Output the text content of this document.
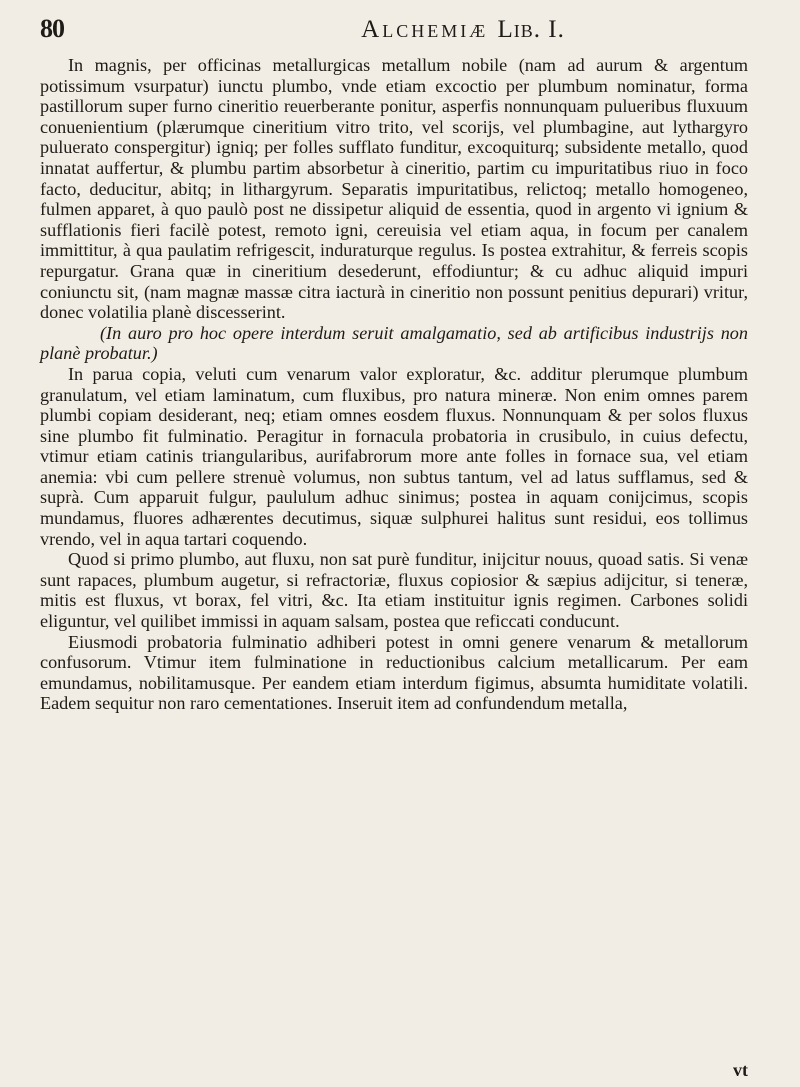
80	Alchemiæ Lib. I.

In magnis, per officinas metallurgicas metallum nobile (nam ad aurum & argentum potissimum vsurpatur) iunctu plumbo, vnde etiam excoctio per plumbum nominatur, forma pastillorum super furno cineritio reuerberante ponitur, asperfis nonnunquam pulueribus fluxuum conuenientium (plærumque cineritium vitro trito, vel scorijs, vel plumbagine, aut lythargyro puluerato conspergitur) igniq; per folles sufflato funditur, excoquiturq; subsidente metallo, quod innatat auffertur, & plumbu partim absorbetur à cineritio, partim cu impuritatibus riuo in foco facto, deducitur, abitq; in lithargyrum. Separatis impuritatibus, relictoq; metallo homogeneo, fulmen apparet, à quo paulò post ne dissipetur aliquid de essentia, quod in argento vi ignium & sufflationis fieri facilè potest, remoto igni, cereuisia vel etiam aqua, in focum per canalem immittitur, à qua paulatim refrigescit, induraturque regulus. Is postea extrahitur, & ferreis scopis repurgatur. Grana quæ in cineritium desederunt, effodiuntur; & cu adhuc aliquid impuri coniunctu sit, (nam magnæ massæ citra iacturà in cineritio non possunt penitius depurari) vritur, donec volatilia planè discesserint.

(In auro pro hoc opere interdum seruit amalgamatio, sed ab artificibus industrijs non planè probatur.)

In parua copia, veluti cum venarum valor exploratur, &c. additur plerumque plumbum granulatum, vel etiam laminatum, cum fluxibus, pro natura mineræ. Non enim omnes parem plumbi copiam desiderant, neq; etiam omnes eosdem fluxus. Nonnunquam & per solos fluxus sine plumbo fit fulminatio. Peragitur in fornacula probatoria in crusibulo, in cuius defectu, vtimur etiam catinis triangularibus, aurifabrorum more ante folles in fornace sua, vel etiam anemia: vbi cum pellere strenuè volumus, non subtus tantum, vel ad latus sufflamus, sed & suprà. Cum apparuit fulgur, paululum adhuc sinimus; postea in aquam conijcimus, scopis mundamus, fluores adhærentes decutimus, siquæ sulphurei halitus sunt residui, eos tollimus vrendo, vel in aqua tartari coquendo.

Quod si primo plumbo, aut fluxu, non sat purè funditur, inijcitur nouus, quoad satis. Si venæ sunt rapaces, plumbum augetur, si refractoriæ, fluxus copiosior & sæpius adijcitur, si teneræ, mitis est fluxus, vt borax, fel vitri, &c. Ita etiam instituitur ignis regimen. Carbones solidi eliguntur, vel quilibet immissi in aquam salsam, postea que reficcati conducunt.

Eiusmodi probatoria fulminatio adhiberi potest in omni genere venarum & metallorum confusorum. Vtimur item fulminatione in reductionibus calcium metallicarum. Per eam emundamus, nobilitamusque. Per eandem etiam interdum figimus, absumta humiditate volatili. Eadem sequitur non raro cementationes. Inseruit item ad confundendum metalla,

vt
